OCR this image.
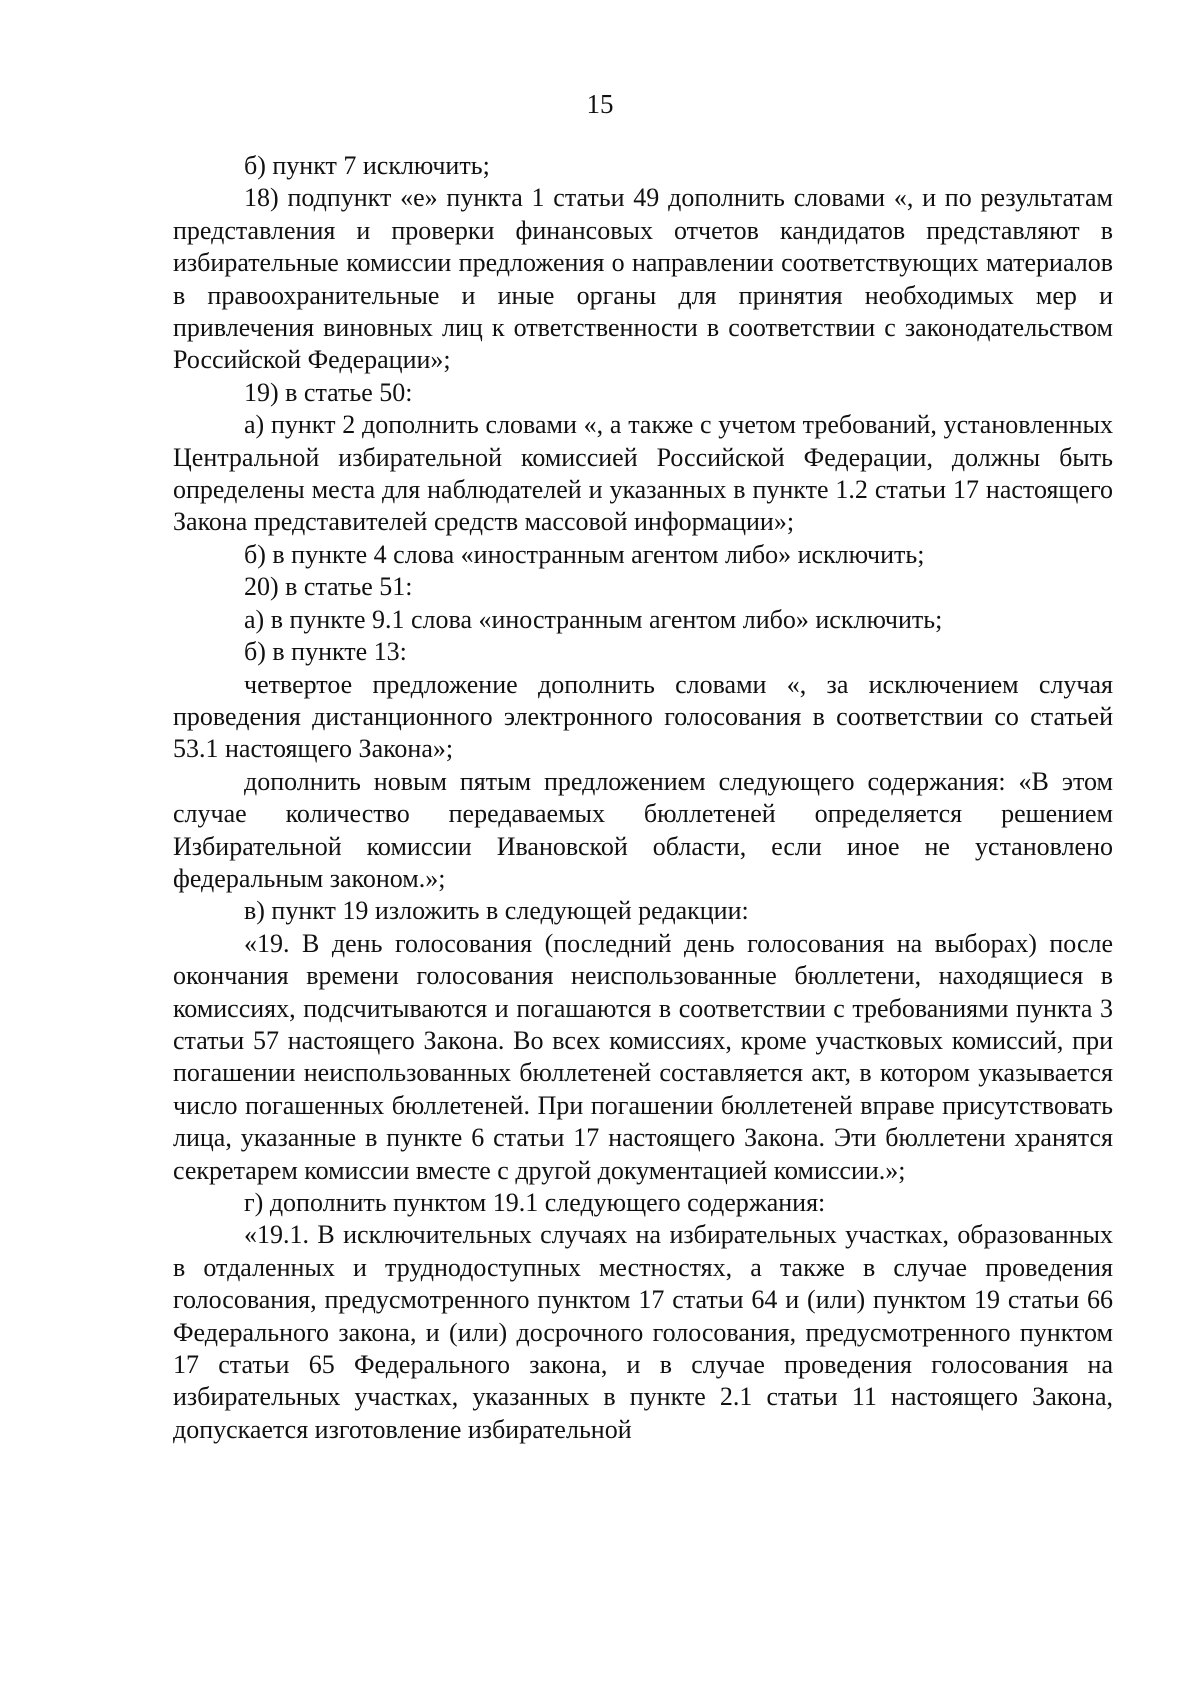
15

б) пункт 7 исключить;

18) подпункт «е» пункта 1 статьи 49 дополнить словами «, и по результатам представления и проверки финансовых отчетов кандидатов представляют в избирательные комиссии предложения о направлении соответствующих материалов в правоохранительные и иные органы для принятия необходимых мер и привлечения виновных лиц к ответственности в соответствии с законодательством Российской Федерации»;

19) в статье 50:

а) пункт 2 дополнить словами «, а также с учетом требований, установленных Центральной избирательной комиссией Российской Федерации, должны быть определены места для наблюдателей и указанных в пункте 1.2 статьи 17 настоящего Закона представителей средств массовой информации»;

б) в пункте 4 слова «иностранным агентом либо» исключить;

20) в статье 51:

а) в пункте 9.1 слова «иностранным агентом либо» исключить;

б) в пункте 13:

четвертое предложение дополнить словами «, за исключением случая проведения дистанционного электронного голосования в соответствии со статьей 53.1 настоящего Закона»;

дополнить новым пятым предложением следующего содержания: «В этом случае количество передаваемых бюллетеней определяется решением Избирательной комиссии Ивановской области, если иное не установлено федеральным законом.»;

в) пункт 19 изложить в следующей редакции:

«19. В день голосования (последний день голосования на выборах) после окончания времени голосования неиспользованные бюллетени, находящиеся в комиссиях, подсчитываются и погашаются в соответствии с требованиями пункта 3 статьи 57 настоящего Закона. Во всех комиссиях, кроме участковых комиссий, при погашении неиспользованных бюллетеней составляется акт, в котором указывается число погашенных бюллетеней. При погашении бюллетеней вправе присутствовать лица, указанные в пункте 6 статьи 17 настоящего Закона. Эти бюллетени хранятся секретарем комиссии вместе с другой документацией комиссии.»;

г) дополнить пунктом 19.1 следующего содержания:

«19.1. В исключительных случаях на избирательных участках, образованных в отдаленных и труднодоступных местностях, а также в случае проведения голосования, предусмотренного пунктом 17 статьи 64 и (или) пунктом 19 статьи 66 Федерального закона, и (или) досрочного голосования, предусмотренного пунктом 17 статьи 65 Федерального закона, и в случае проведения голосования на избирательных участках, указанных в пункте 2.1 статьи 11 настоящего Закона, допускается изготовление избирательной
